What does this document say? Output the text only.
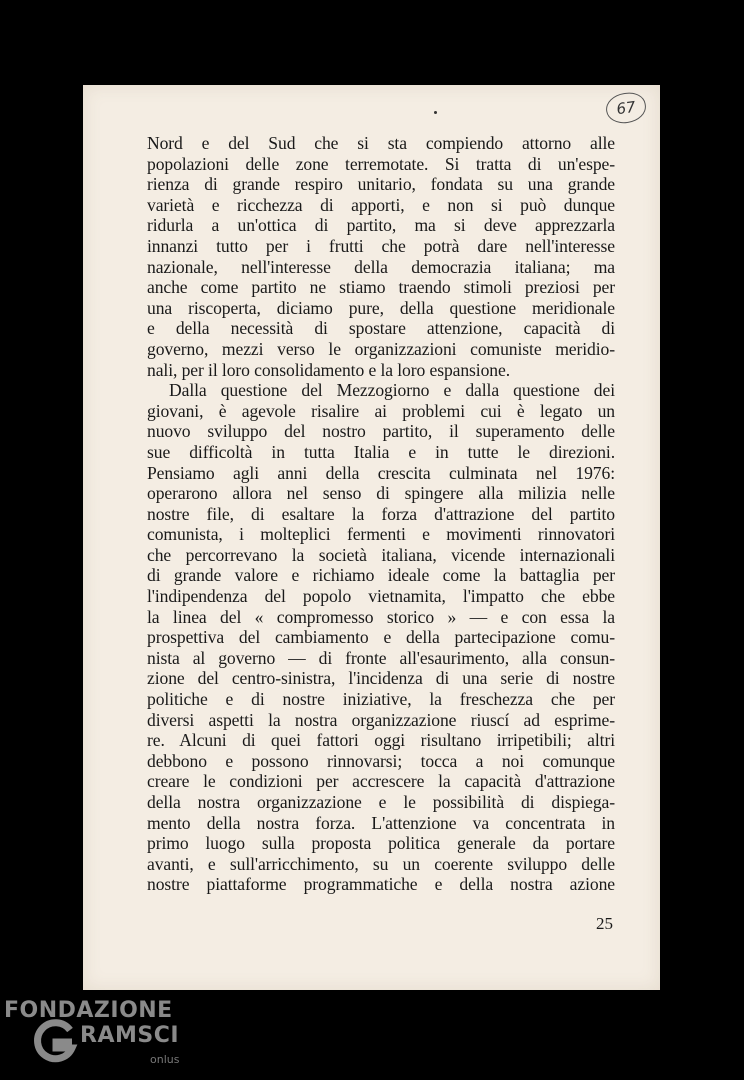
67
Nord e del Sud che si sta compiendo attorno alle
popolazioni delle zone terremotate. Si tratta di un'espe-
rienza di grande respiro unitario, fondata su una grande
varietà e ricchezza di apporti, e non si può dunque
ridurla a un'ottica di partito, ma si deve apprezzarla
innanzi tutto per i frutti che potrà dare nell'interesse
nazionale, nell'interesse della democrazia italiana; ma
anche come partito ne stiamo traendo stimoli preziosi per
una riscoperta, diciamo pure, della questione meridionale
e della necessità di spostare attenzione, capacità di
governo, mezzi verso le organizzazioni comuniste meridio-
nali, per il loro consolidamento e la loro espansione.
Dalla questione del Mezzogiorno e dalla questione dei
giovani, è agevole risalire ai problemi cui è legato un
nuovo sviluppo del nostro partito, il superamento delle
sue difficoltà in tutta Italia e in tutte le direzioni.
Pensiamo agli anni della crescita culminata nel 1976:
operarono allora nel senso di spingere alla milizia nelle
nostre file, di esaltare la forza d'attrazione del partito
comunista, i molteplici fermenti e movimenti rinnovatori
che percorrevano la società italiana, vicende internazionali
di grande valore e richiamo ideale come la battaglia per
l'indipendenza del popolo vietnamita, l'impatto che ebbe
la linea del « compromesso storico » — e con essa la
prospettiva del cambiamento e della partecipazione comu-
nista al governo — di fronte all'esaurimento, alla consun-
zione del centro-sinistra, l'incidenza di una serie di nostre
politiche e di nostre iniziative, la freschezza che per
diversi aspetti la nostra organizzazione riuscí ad esprime-
re. Alcuni di quei fattori oggi risultano irripetibili; altri
debbono e possono rinnovarsi; tocca a noi comunque
creare le condizioni per accrescere la capacità d'attrazione
della nostra organizzazione e le possibilità di dispiega-
mento della nostra forza. L'attenzione va concentrata in
primo luogo sulla proposta politica generale da portare
avanti, e sull'arricchimento, su un coerente sviluppo delle
nostre piattaforme programmatiche e della nostra azione
25
FONDAZIONE
RAMSCI
onlus
